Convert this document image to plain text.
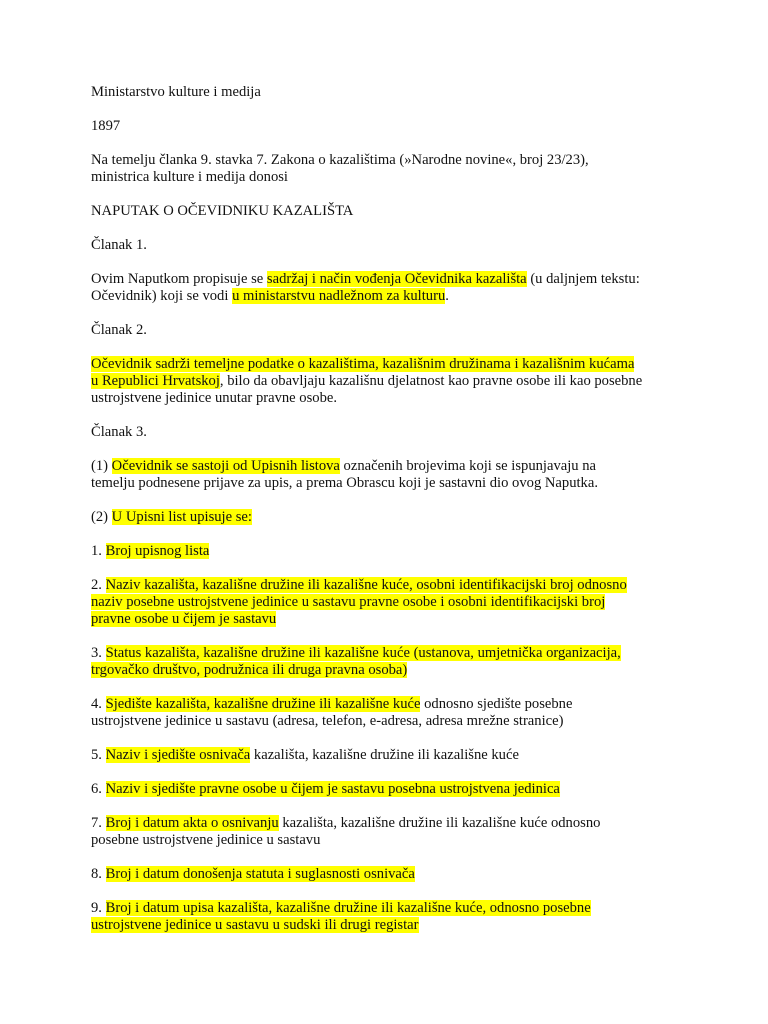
Ministarstvo kulture i medija
1897
Na temelju članka 9. stavka 7. Zakona o kazalištima (»Narodne novine«, broj 23/23),
ministrica kulture i medija donosi
NAPUTAK O OČEVIDNIKU KAZALIŠTA
Članak 1.
Ovim Naputkom propisuje se sadržaj i način vođenja Očevidnika kazališta (u daljnjem tekstu:
Očevidnik) koji se vodi u ministarstvu nadležnom za kulturu.
Članak 2.
Očevidnik sadrži temeljne podatke o kazalištima, kazališnim družinama i kazališnim kućama
u Republici Hrvatskoj, bilo da obavljaju kazališnu djelatnost kao pravne osobe ili kao posebne
ustrojstvene jedinice unutar pravne osobe.
Članak 3.
(1) Očevidnik se sastoji od Upisnih listova označenih brojevima koji se ispunjavaju na
temelju podnesene prijave za upis, a prema Obrascu koji je sastavni dio ovog Naputka.
(2) U Upisni list upisuje se:
1. Broj upisnog lista
2. Naziv kazališta, kazališne družine ili kazališne kuće, osobni identifikacijski broj odnosno
naziv posebne ustrojstvene jedinice u sastavu pravne osobe i osobni identifikacijski broj
pravne osobe u čijem je sastavu
3. Status kazališta, kazališne družine ili kazališne kuće (ustanova, umjetnička organizacija,
trgovačko društvo, podružnica ili druga pravna osoba)
4. Sjedište kazališta, kazališne družine ili kazališne kuće odnosno sjedište posebne
ustrojstvene jedinice u sastavu (adresa, telefon, e-adresa, adresa mrežne stranice)
5. Naziv i sjedište osnivača kazališta, kazališne družine ili kazališne kuće
6. Naziv i sjedište pravne osobe u čijem je sastavu posebna ustrojstvena jedinica
7. Broj i datum akta o osnivanju kazališta, kazališne družine ili kazališne kuće odnosno
posebne ustrojstvene jedinice u sastavu
8. Broj i datum donošenja statuta i suglasnosti osnivača
9. Broj i datum upisa kazališta, kazališne družine ili kazališne kuće, odnosno posebne
ustrojstvene jedinice u sastavu u sudski ili drugi registar
